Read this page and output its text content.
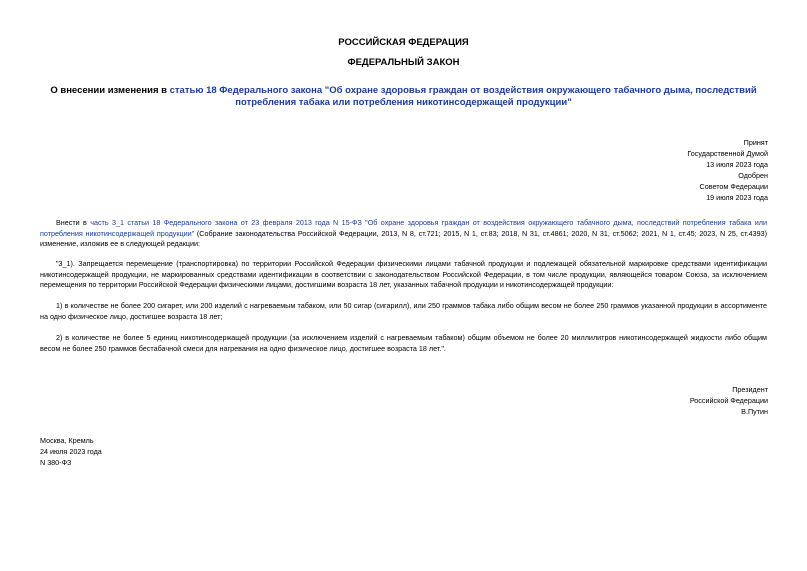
РОССИЙСКАЯ ФЕДЕРАЦИЯ
ФЕДЕРАЛЬНЫЙ ЗАКОН
О внесении изменения в статью 18 Федерального закона "Об охране здоровья граждан от воздействия окружающего табачного дыма, последствий потребления табака или потребления никотинсодержащей продукции"
Принят
Государственной Думой
13 июля 2023 года
Одобрен
Советом Федерации
19 июля 2023 года
Внести в часть 3_1 статьи 18 Федерального закона от 23 февраля 2013 года N 15-ФЗ "Об охране здоровья граждан от воздействия окружающего табачного дыма, последствий потребления табака или потребления никотинсодержащей продукции" (Собрание законодательства Российской Федерации, 2013, N 8, ст.721; 2015, N 1, ст.83; 2018, N 31, ст.4861; 2020, N 31, ст.5062; 2021, N 1, ст.45; 2023, N 25, ст.4393) изменение, изложив ее в следующей редакции:
"3_1). Запрещается перемещение (транспортировка) по территории Российской Федерации физическими лицами табачной продукции и подлежащей обязательной маркировке средствами идентификации никотинсодержащей продукции, не маркированных средствами идентификации в соответствии с законодательством Российской Федерации, в том числе продукции, являющейся товаром Союза, за исключением перемещения по территории Российской Федерации физическими лицами, достигшими возраста 18 лет, указанных табачной продукции и никотинсодержащей продукции:
1) в количестве не более 200 сигарет, или 200 изделий с нагреваемым табаком, или 50 сигар (сигарилл), или 250 граммов табака либо общим весом не более 250 граммов указанной продукции в ассортименте на одно физическое лицо, достигшее возраста 18 лет;
2) в количестве не более 5 единиц никотинсодержащей продукции (за исключением изделий с нагреваемым табаком) общим объемом не более 20 миллилитров никотинсодержащей жидкости либо общим весом не более 250 граммов бестабачной смеси для нагревания на одно физическое лицо, достигшее возраста 18 лет.".
Президент
Российской Федерации
В.Путин
Москва, Кремль
24 июля 2023 года
N 380-ФЗ
